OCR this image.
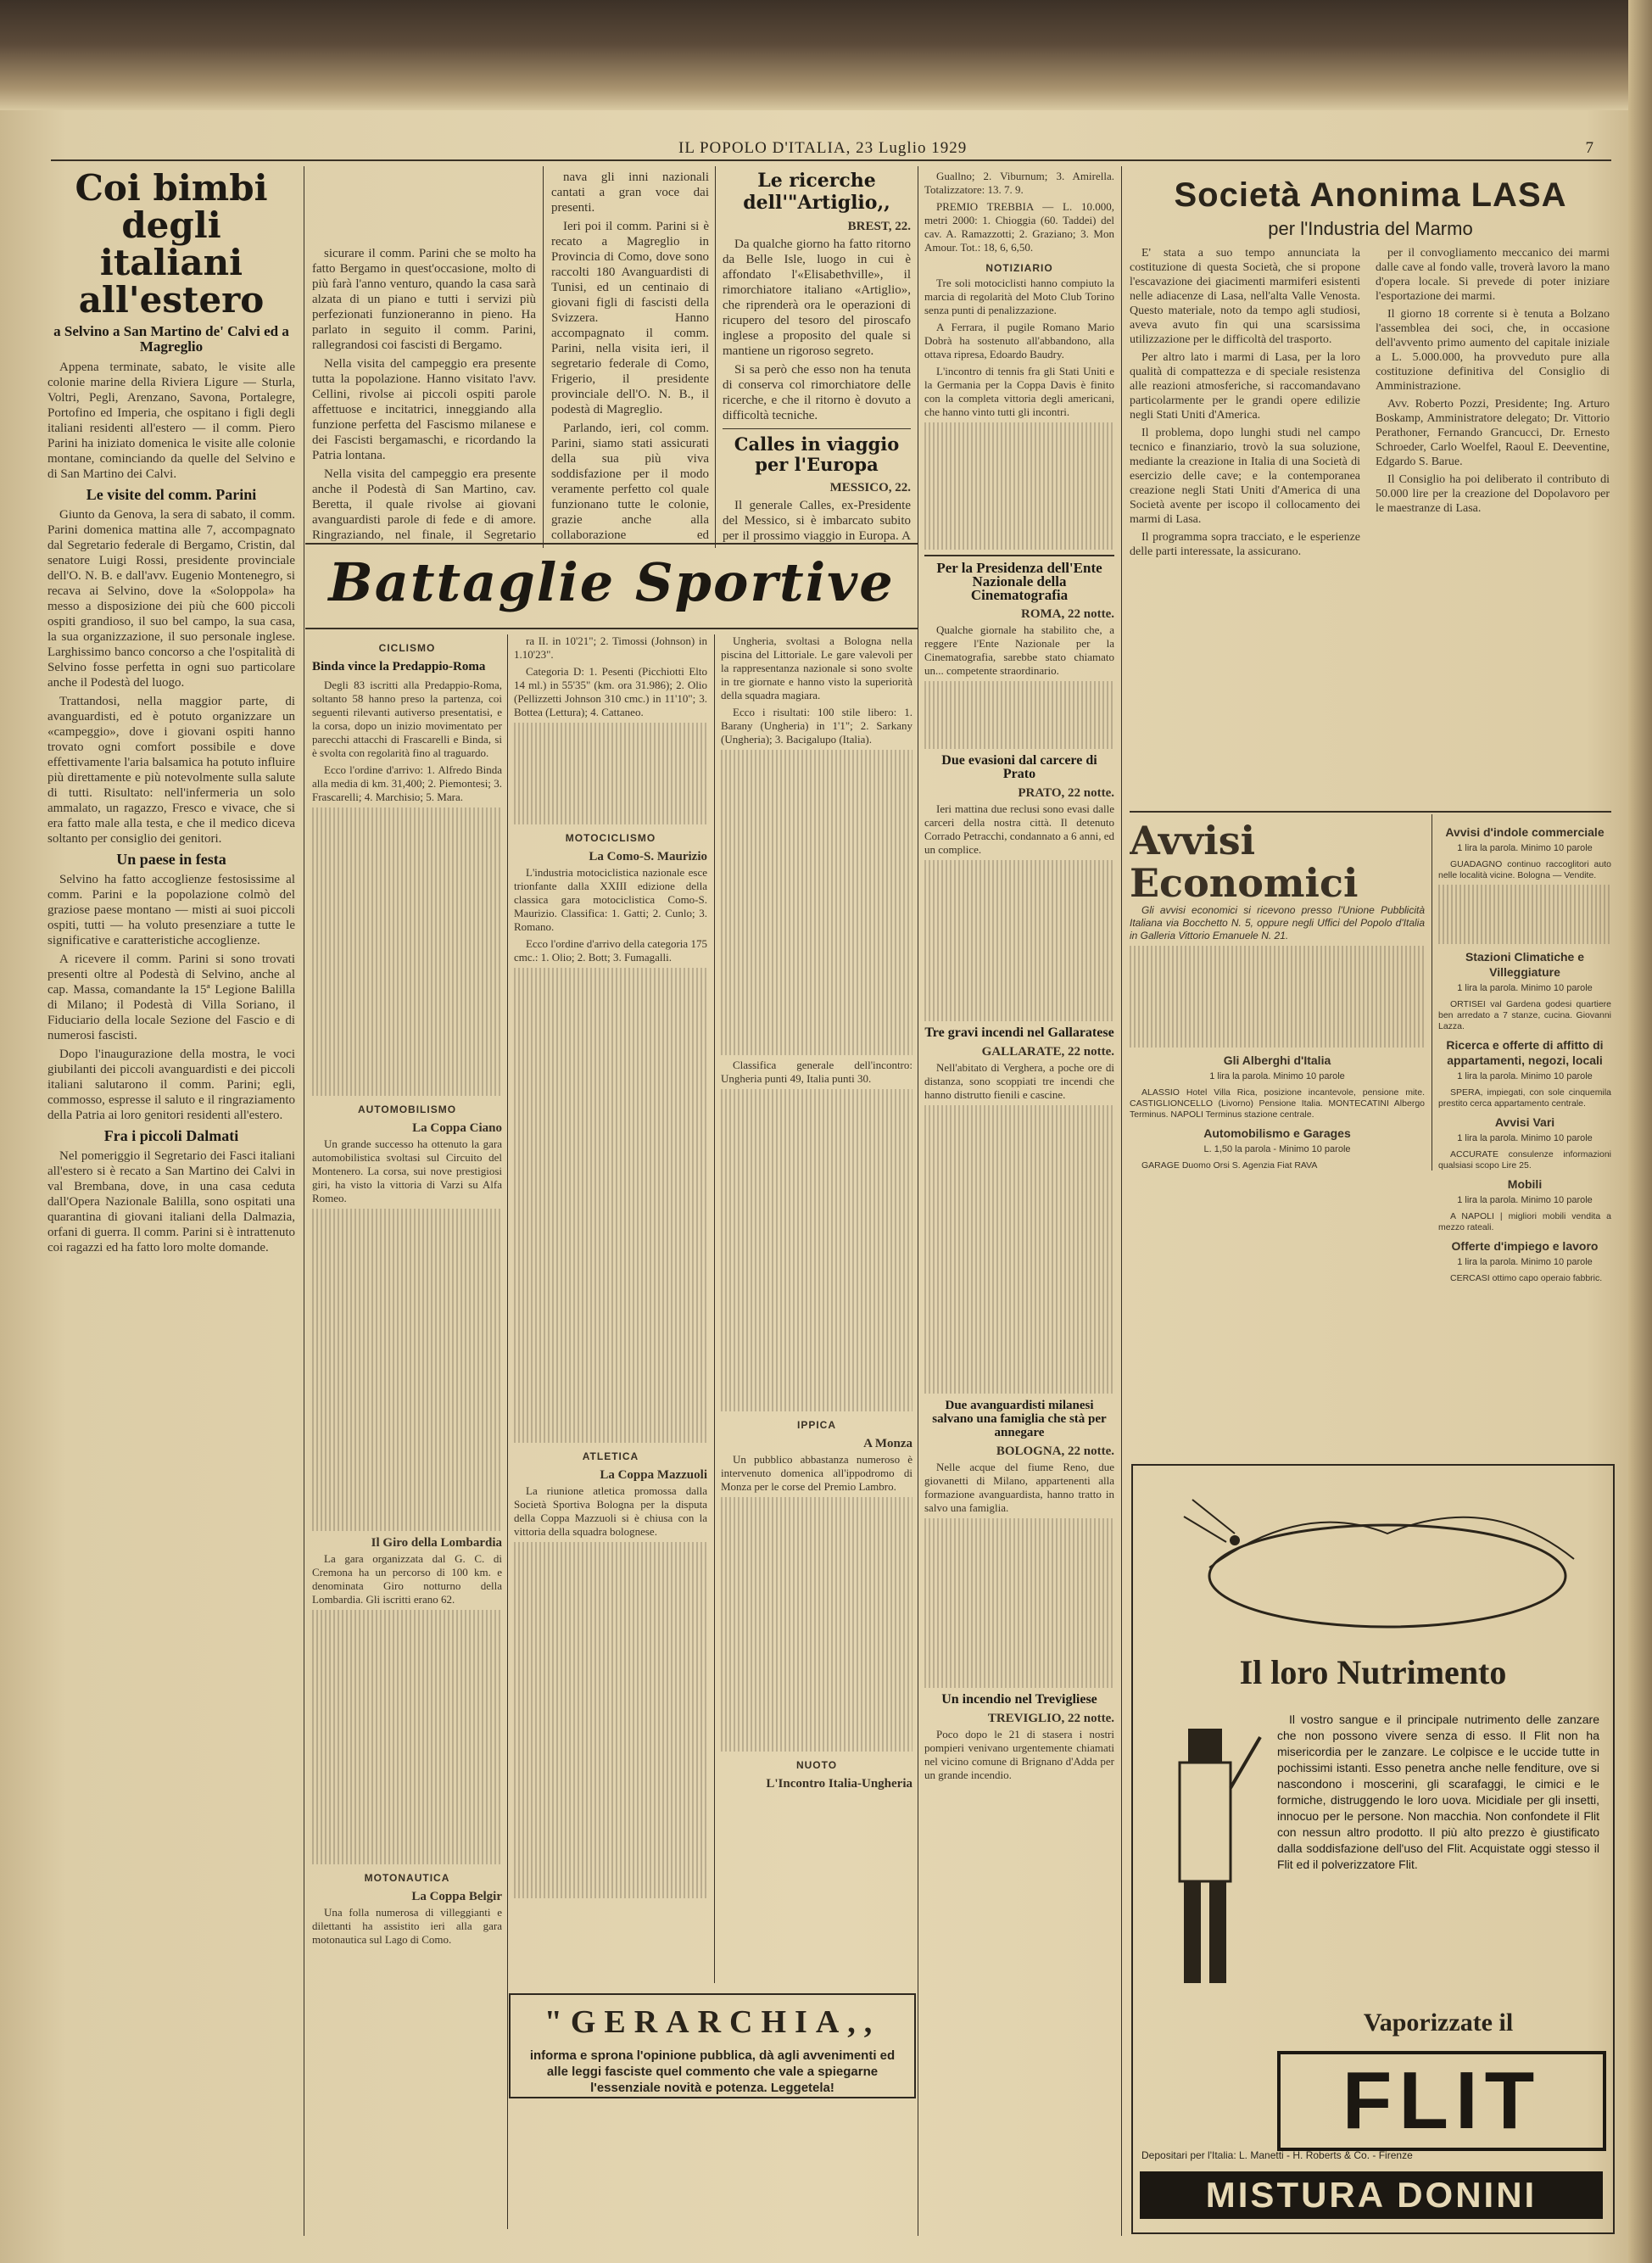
IL POPOLO D'ITALIA, 23 Luglio 1929	7
Coi bimbi degli italiani all'estero
a Selvino a San Martino de' Calvi ed a Magreglio

Appena terminate, sabato, le visite alle colonie marine della Riviera Ligure — Sturla, Voltri, Pegli, Arenzano, Savona, Portalegre, Portofino ed Imperia, che ospitano i figli degli italiani residenti all'estero — il comm. Piero Parini ha iniziato domenica le visite alle colonie montane, cominciando da quelle del Selvino e di San Martino dei Calvi.

Le visite del comm. Parini

Giunto da Genova, la sera di sabato, il comm. Parini domenica mattina alle 7, accompagnato dal Segretario federale di Bergamo, Cristin, dal senatore Luigi Rossi, presidente provinciale dell'O. N. B. e dall'avv. Eugenio Montenegro, si recava ai Selvino, dove la «Soloppola» ha messo a disposizione dei più che 600 piccoli ospiti grandioso, il suo bel campo, la sua casa, la sua organizzazione, il suo personale inglese. Larghissimo banco concorso a che l'ospitalità di Selvino fosse perfetta in ogni suo particolare anche il Podestà del luogo.

Trattandosi, nella maggior parte, di avanguardisti, ed è potuto organizzare un «campeggio», dove i giovani ospiti hanno trovato ogni comfort possibile e dove effettivamente l'aria balsamica ha potuto influire più direttamente e più notevolmente sulla salute di tutti. Risultato: nell'infermeria un solo ammalato, un ragazzo, Fresco e vivace, che si era fatto male alla testa, e che il medico diceva soltanto per consiglio dei genitori.

Un paese in festa

Selvino ha fatto accoglienze festosissime al comm. Parini e la popolazione colmò del graziose paese montano — misti ai suoi piccoli ospiti, tutti — ha voluto presenziare a tutte le significative e caratteristiche accoglienze.

A ricevere il comm. Parini si sono trovati presenti oltre al Podestà di Selvino, anche al cap. Massa, comandante la 15ª Legione Balilla di Milano; il Podestà di Villa Soriano, il Fiduciario della locale Sezione del Fascio e di numerosi fascisti.

Dopo l'inaugurazione della mostra, le voci giubilanti dei piccoli avanguardisti e dei piccoli italiani salutarono il comm. Parini; egli, commosso, espresse il saluto e il ringraziamento della Patria ai loro genitori residenti all'estero.

Fra i piccoli Dalmati

Nel pomeriggio il Segretario dei Fasci italiani all'estero si è recato a San Martino dei Calvi in val Brembana, dove, in una casa ceduta dall'Opera Nazionale Balilla, sono ospitati una quarantina di giovani italiani della Dalmazia, orfani di guerra. Il comm. Parini si è intrattenuto coi ragazzi ed ha fatto loro molte domande.

sicurare il comm. Parini che se molto ha fatto Bergamo in quest'occasione, molto di più farà l'anno venturo, quando la casa sarà alzata di un piano e tutti i servizi più perfezionati funzioneranno in pieno. Ha parlato in seguito il comm. Parini, rallegrandosi coi fascisti di Bergamo.

Nella visita del campeggio era presente tutta la popolazione. Hanno visitato l'avv. Cellini, rivolse ai piccoli ospiti parole affettuose e incitatrici, inneggiando alla funzione perfetta del Fascismo milanese e dei Fascisti bergamaschi, e ricordando la Patria lontana.

Nella visita del campeggio era presente anche il Podestà di San Martino, cav. Beretta, il quale rivolse ai giovani avanguardisti parole di fede e di amore. Ringraziando, nel finale, il Segretario

nava gli inni nazionali cantati a gran voce dai presenti.

Ieri poi il comm. Parini si è recato a Magreglio in Provincia di Como, dove sono raccolti 180 Avanguardisti di Tunisi, ed un centinaio di giovani figli di fascisti della Svizzera. Hanno accompagnato il comm. Parini, nella visita ieri, il segretario federale di Como, Frigerio, il presidente provinciale dell'O. N. B., il podestà di Magreglio.

Parlando, ieri, col comm. Parini, siamo stati assicurati della sua più viva soddisfazione per il modo veramente perfetto col quale funzionano tutte le colonie, grazie anche alla collaborazione ed

Le ricerche dell'"Artiglio,,
BREST, 22.

Da qualche giorno ha fatto ritorno da Belle Isle, luogo in cui è affondato l'«Elisabethville», il rimorchiatore italiano «Artiglio», che riprenderà ora le operazioni di ricupero del tesoro del piroscafo inglese a proposito del quale si mantiene un rigoroso segreto.

Si sa però che esso non ha tenuta di conserva col rimorchiatore delle ricerche, e che il ritorno è dovuto a difficoltà tecniche.

Calles in viaggio per l'Europa
MESSICO, 22.

Il generale Calles, ex-Presidente del Messico, si è imbarcato subito per il prossimo viaggio in Europa. A

Battaglie Sportive
CICLISMO
Binda vince la Predappio-Roma

Degli 83 iscritti alla Predappio-Roma, soltanto 58 hanno preso la partenza, coi seguenti rilevanti autiverso presentatisi, e la corsa, dopo un inizio movimentato per parecchi attacchi di Frascarelli e Binda, si è svolta con regolarità fino al traguardo.

Ecco l'ordine d'arrivo: 1. Alfredo Binda alla media di km. 31,400; 2. Piemontesi; 3. Frascarelli; 4. Marchisio; 5. Mara.

AUTOMOBILISMO
La Coppa Ciano

Un grande successo ha ottenuto la gara automobilistica svoltasi sul Circuito del Montenero. La corsa, sui nove prestigiosi giri, ha visto la vittoria di Varzi su Alfa Romeo.

Il Giro della Lombardia

La gara organizzata dal G. C. di Cremona ha un percorso di 100 km. e denominata Giro notturno della Lombardia. Gli iscritti erano 62.

MOTONAUTICA
La Coppa Belgir

Una folla numerosa di villeggianti e dilettanti ha assistito ieri alla gara motonautica sul Lago di Como.

ra II. in 10'21"; 2. Timossi (Johnson) in 1.10'23".

Categoria D: 1. Pesenti (Picchiotti Elto 14 ml.) in 55'35" (km. ora 31.986); 2. Olio (Pellizzetti Johnson 310 cmc.) in 11'10"; 3. Bottea (Lettura); 4. Cattaneo.

MOTOCICLISMO
La Como-S. Maurizio

L'industria motociclistica nazionale esce trionfante dalla XXIII edizione della classica gara motociclistica Como-S. Maurizio. Classifica: 1. Gatti; 2. Cunlo; 3. Romano.

Ecco l'ordine d'arrivo della categoria 175 cmc.: 1. Olio; 2. Bott; 3. Fumagalli.

ATLETICA
La Coppa Mazzuoli

La riunione atletica promossa dalla Società Sportiva Bologna per la disputa della Coppa Mazzuoli si è chiusa con la vittoria della squadra bolognese.

Ungheria, svoltasi a Bologna nella piscina del Littoriale. Le gare valevoli per la rappresentanza nazionale si sono svolte in tre giornate e hanno visto la superiorità della squadra magiara.

Ecco i risultati: 100 stile libero: 1. Barany (Ungheria) in 1'1"; 2. Sarkany (Ungheria); 3. Bacigalupo (Italia).

Classifica generale dell'incontro: Ungheria punti 49, Italia punti 30.

IPPICA
A Monza

Un pubblico abbastanza numeroso è intervenuto domenica all'ippodromo di Monza per le corse del Premio Lambro.

NUOTO
L'Incontro Italia-Ungheria
"GERARCHIA,,
informa e sprona l'opinione pubblica, dà agli avvenimenti ed alle leggi fasciste quel commento che vale a spiegarne l'essenziale novità e potenza. Leggetela!

Guallno; 2. Viburnum; 3. Amirella. Totalizzatore: 13. 7. 9.

PREMIO TREBBIA — L. 10.000, metri 2000: 1. Chioggia (60. Taddei) del cav. A. Ramazzotti; 2. Graziano; 3. Mon Amour. Tot.: 18, 6, 6,50.

NOTIZIARIO

Tre soli motociclisti hanno compiuto la marcia di regolarità del Moto Club Torino senza punti di penalizzazione.

A Ferrara, il pugile Romano Mario Dobrà ha sostenuto all'abbandono, alla ottava ripresa, Edoardo Baudry.

L'incontro di tennis fra gli Stati Uniti e la Germania per la Coppa Davis è finito con la completa vittoria degli americani, che hanno vinto tutti gli incontri.

Per la Presidenza dell'Ente Nazionale della Cinematografia
ROMA, 22 notte.

Qualche giornale ha stabilito che, a reggere l'Ente Nazionale per la Cinematografia, sarebbe stato chiamato un... competente straordinario.

Due evasioni dal carcere di Prato
PRATO, 22 notte.

Ieri mattina due reclusi sono evasi dalle carceri della nostra città. Il detenuto Corrado Petracchi, condannato a 6 anni, ed un complice.

Tre gravi incendi nel Gallaratese
GALLARATE, 22 notte.

Nell'abitato di Verghera, a poche ore di distanza, sono scoppiati tre incendi che hanno distrutto fienili e cascine.

Due avanguardisti milanesi salvano una famiglia che stà per annegare
BOLOGNA, 22 notte.

Nelle acque del fiume Reno, due giovanetti di Milano, appartenenti alla formazione avanguardista, hanno tratto in salvo una famiglia.

Un incendio nel Trevigliese
TREVIGLIO, 22 notte.

Poco dopo le 21 di stasera i nostri pompieri venivano urgentemente chiamati nel vicino comune di Brignano d'Adda per un grande incendio.

Società Anonima LASA
per l'Industria del Marmo

E' stata a suo tempo annunciata la costituzione di questa Società, che si propone l'escavazione dei giacimenti marmiferi esistenti nelle adiacenze di Lasa, nell'alta Valle Venosta. Questo materiale, noto da tempo agli studiosi, aveva avuto fin qui una scarsissima utilizzazione per le difficoltà del trasporto.

Per altro lato i marmi di Lasa, per la loro qualità di compattezza e di speciale resistenza alle reazioni atmosferiche, si raccomandavano particolarmente per le grandi opere edilizie negli Stati Uniti d'America.

Il problema, dopo lunghi studi nel campo tecnico e finanziario, trovò la sua soluzione, mediante la creazione in Italia di una Società di esercizio delle cave; e la contemporanea creazione negli Stati Uniti d'America di una Società avente per iscopo il collocamento dei marmi di Lasa.

Il programma sopra tracciato, e le esperienze delle parti interessate, la assicurano.

per il convogliamento meccanico dei marmi dalle cave al fondo valle, troverà lavoro la mano d'opera locale. Si prevede di poter iniziare l'esportazione dei marmi.

Il giorno 18 corrente si è tenuta a Bolzano l'assemblea dei soci, che, in occasione dell'avvento primo aumento del capitale iniziale a L. 5.000.000, ha provveduto pure alla costituzione definitiva del Consiglio di Amministrazione.

Avv. Roberto Pozzi, Presidente; Ing. Arturo Boskamp, Amministratore delegato; Dr. Vittorio Perathoner, Fernando Grancucci, Dr. Ernesto Schroeder, Carlo Woelfel, Raoul E. Deeventine, Edgardo S. Barue.

Il Consiglio ha poi deliberato il contributo di 50.000 lire per la creazione del Dopolavoro per le maestranze di Lasa.

Avvisi Economici

Gli avvisi economici si ricevono presso l'Unione Pubblicità Italiana via Bocchetto N. 5, oppure negli Uffici del Popolo d'Italia in Galleria Vittorio Emanuele N. 21.

Gli Alberghi d'Italia
1 lira la parola. Minimo 10 parole

ALASSIO Hotel Villa Rica, posizione incantevole, pensione mite. CASTIGLIONCELLO (Livorno) Pensione Italia. MONTECATINI Albergo Terminus. NAPOLI Terminus stazione centrale.

Automobilismo e Garages
L. 1,50 la parola - Minimo 10 parole

GARAGE Duomo Orsi S. Agenzia Fiat RAVA

Avvisi d'indole commerciale
1 lira la parola. Minimo 10 parole

GUADAGNO continuo raccoglitori auto nelle località vicine. Bologna — Vendite.

Stazioni Climatiche e Villeggiature
1 lira la parola. Minimo 10 parole

ORTISEI val Gardena godesi quartiere ben arredato a 7 stanze, cucina. Giovanni Lazza.

Ricerca e offerte di affitto di appartamenti, negozi, locali
1 lira la parola. Minimo 10 parole

SPERA, impiegati, con sole cinquemila prestito cerca appartamento centrale.

Avvisi Vari
1 lira la parola. Minimo 10 parole

ACCURATE consulenze informazioni qualsiasi scopo Lire 25.

Mobili
1 lira la parola. Minimo 10 parole

A NAPOLI | migliori mobili vendita a mezzo rateali.

Offerte d'impiego e lavoro
1 lira la parola. Minimo 10 parole

CERCASI ottimo capo operaio fabbric.

Il loro Nutrimento

Il vostro sangue e il principale nutrimento delle zanzare che non possono vivere senza di esso. Il Flit non ha misericordia per le zanzare. Le colpisce e le uccide tutte in pochissimi istanti. Esso penetra anche nelle fenditure, ove si nascondono i moscerini, gli scarafaggi, le cimici e le formiche, distruggendo le loro uova. Micidiale per gli insetti, innocuo per le persone. Non macchia. Non confondete il Flit con nessun altro prodotto. Il più alto prezzo è giustificato dalla soddisfazione dell'uso del Flit. Acquistate oggi stesso il Flit ed il polverizzatore Flit.

Vaporizzate il
FLIT
Depositari per l'Italia: L. Manetti - H. Roberts & Co. - Firenze
MISTURA DONINI
